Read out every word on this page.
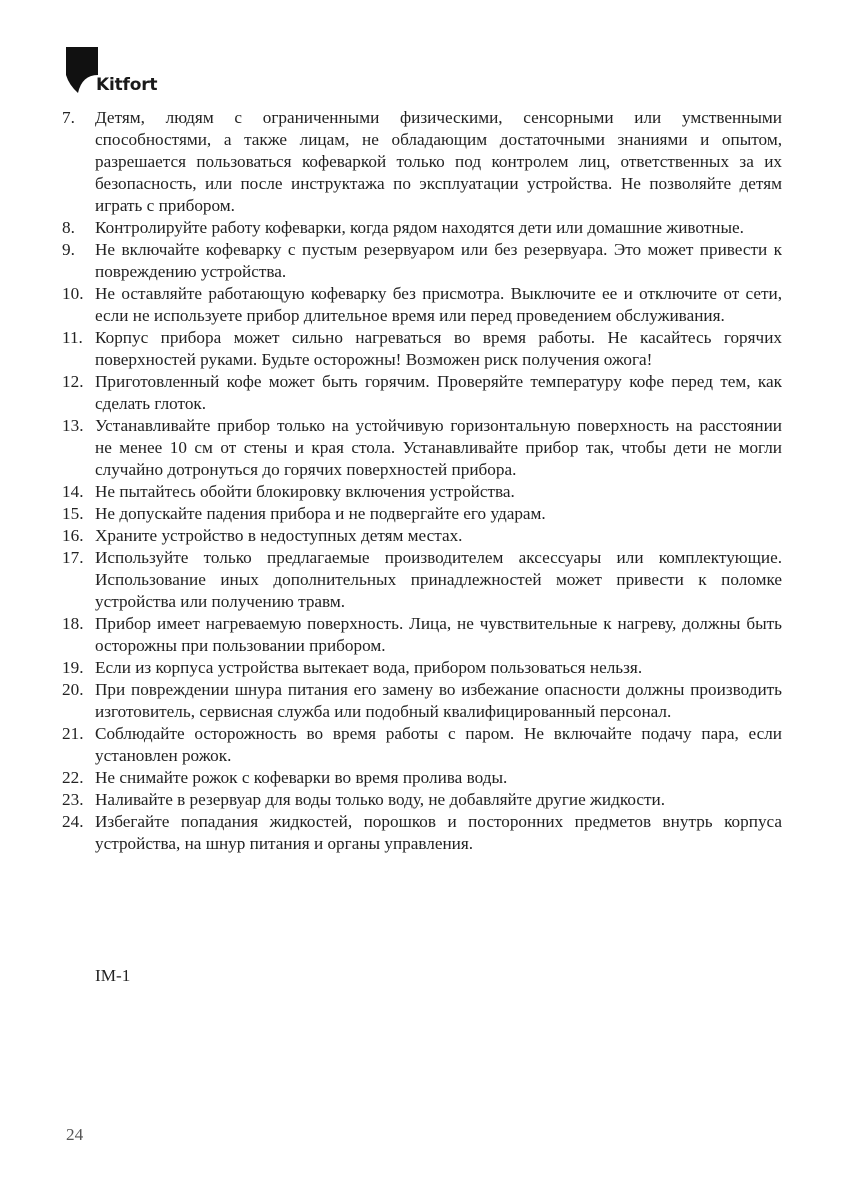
Kitfort
7. Детям, людям с ограниченными физическими, сенсорными или умственными способностями, а также лицам, не обладающим достаточными знаниями и опытом, разрешается пользоваться кофеваркой только под контролем лиц, ответственных за их безопасность, или после инструктажа по эксплуатации устройства. Не позволяйте детям играть с прибором.
8. Контролируйте работу кофеварки, когда рядом находятся дети или домашние животные.
9. Не включайте кофеварку с пустым резервуаром или без резервуара. Это может привести к повреждению устройства.
10. Не оставляйте работающую кофеварку без присмотра. Выключите ее и отключите от сети, если не используете прибор длительное время или перед проведением обслуживания.
11. Корпус прибора может сильно нагреваться во время работы. Не касайтесь горячих поверхностей руками. Будьте осторожны! Возможен риск получения ожога!
12. Приготовленный кофе может быть горячим. Проверяйте температуру кофе перед тем, как сделать глоток.
13. Устанавливайте прибор только на устойчивую горизонтальную поверхность на расстоянии не менее 10 см от стены и края стола. Устанавливайте прибор так, чтобы дети не могли случайно дотронуться до горячих поверхностей прибора.
14. Не пытайтесь обойти блокировку включения устройства.
15. Не допускайте падения прибора и не подвергайте его ударам.
16. Храните устройство в недоступных детям местах.
17. Используйте только предлагаемые производителем аксессуары или комплектующие. Использование иных дополнительных принадлежностей может привести к поломке устройства или получению травм.
18. Прибор имеет нагреваемую поверхность. Лица, не чувствительные к нагреву, должны быть осторожны при пользовании прибором.
19. Если из корпуса устройства вытекает вода, прибором пользоваться нельзя.
20. При повреждении шнура питания его замену во избежание опасности должны производить изготовитель, сервисная служба или подобный квалифицированный персонал.
21. Соблюдайте осторожность во время работы с паром. Не включайте подачу пара, если установлен рожок.
22. Не снимайте рожок с кофеварки во время пролива воды.
23. Наливайте в резервуар для воды только воду, не добавляйте другие жидкости.
24. Избегайте попадания жидкостей, порошков и посторонних предметов внутрь корпуса устройства, на шнур питания и органы управления.
IM-1
24
